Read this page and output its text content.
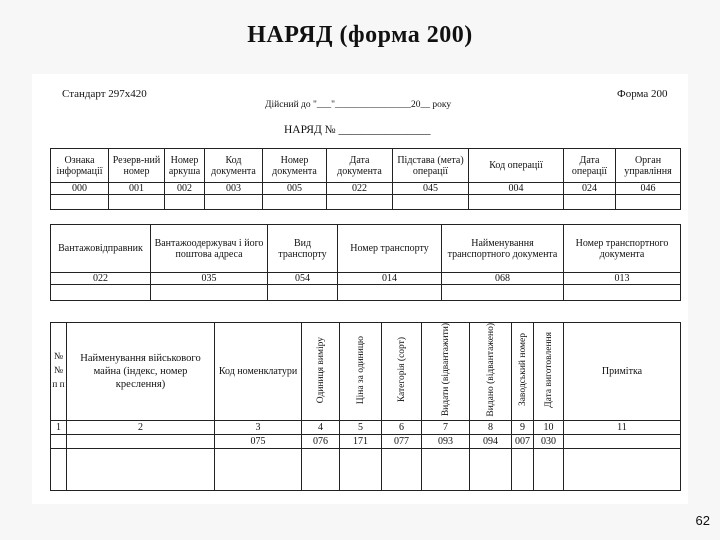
НАРЯД (форма 200)
Стандарт 297х420	Форма 200
Дійсний до "___"________________20__ року
НАРЯД № ________________
Ознака інформації	Резерв-ний номер	Номер аркуша	Код документа	Номер документа	Дата документа	Підстава (мета) операції	Код операції	Дата операції	Орган управління
000	001	002	003	005	022	045	004	024	046

Вантажовідправник	Вантажоодержувач і його поштова адреса	Вид транспорту	Номер транспорту	Найменування транспортного документа	Номер транспортного документа
022	035	054	014	068	013

№ № п п	Найменування військового майна (індекс, номер креслення)	Код номенклатури	Одиниця виміру	Ціна за одиницю	Категорія (сорт)	Видати (відвантажити)	Видано (відвантажено)	Заводський номер	Дата виготовлення	Примітка
1	2	3	4	5	6	7	8	9	10	11
		075	076	171	077	093	094	007	030	

62
